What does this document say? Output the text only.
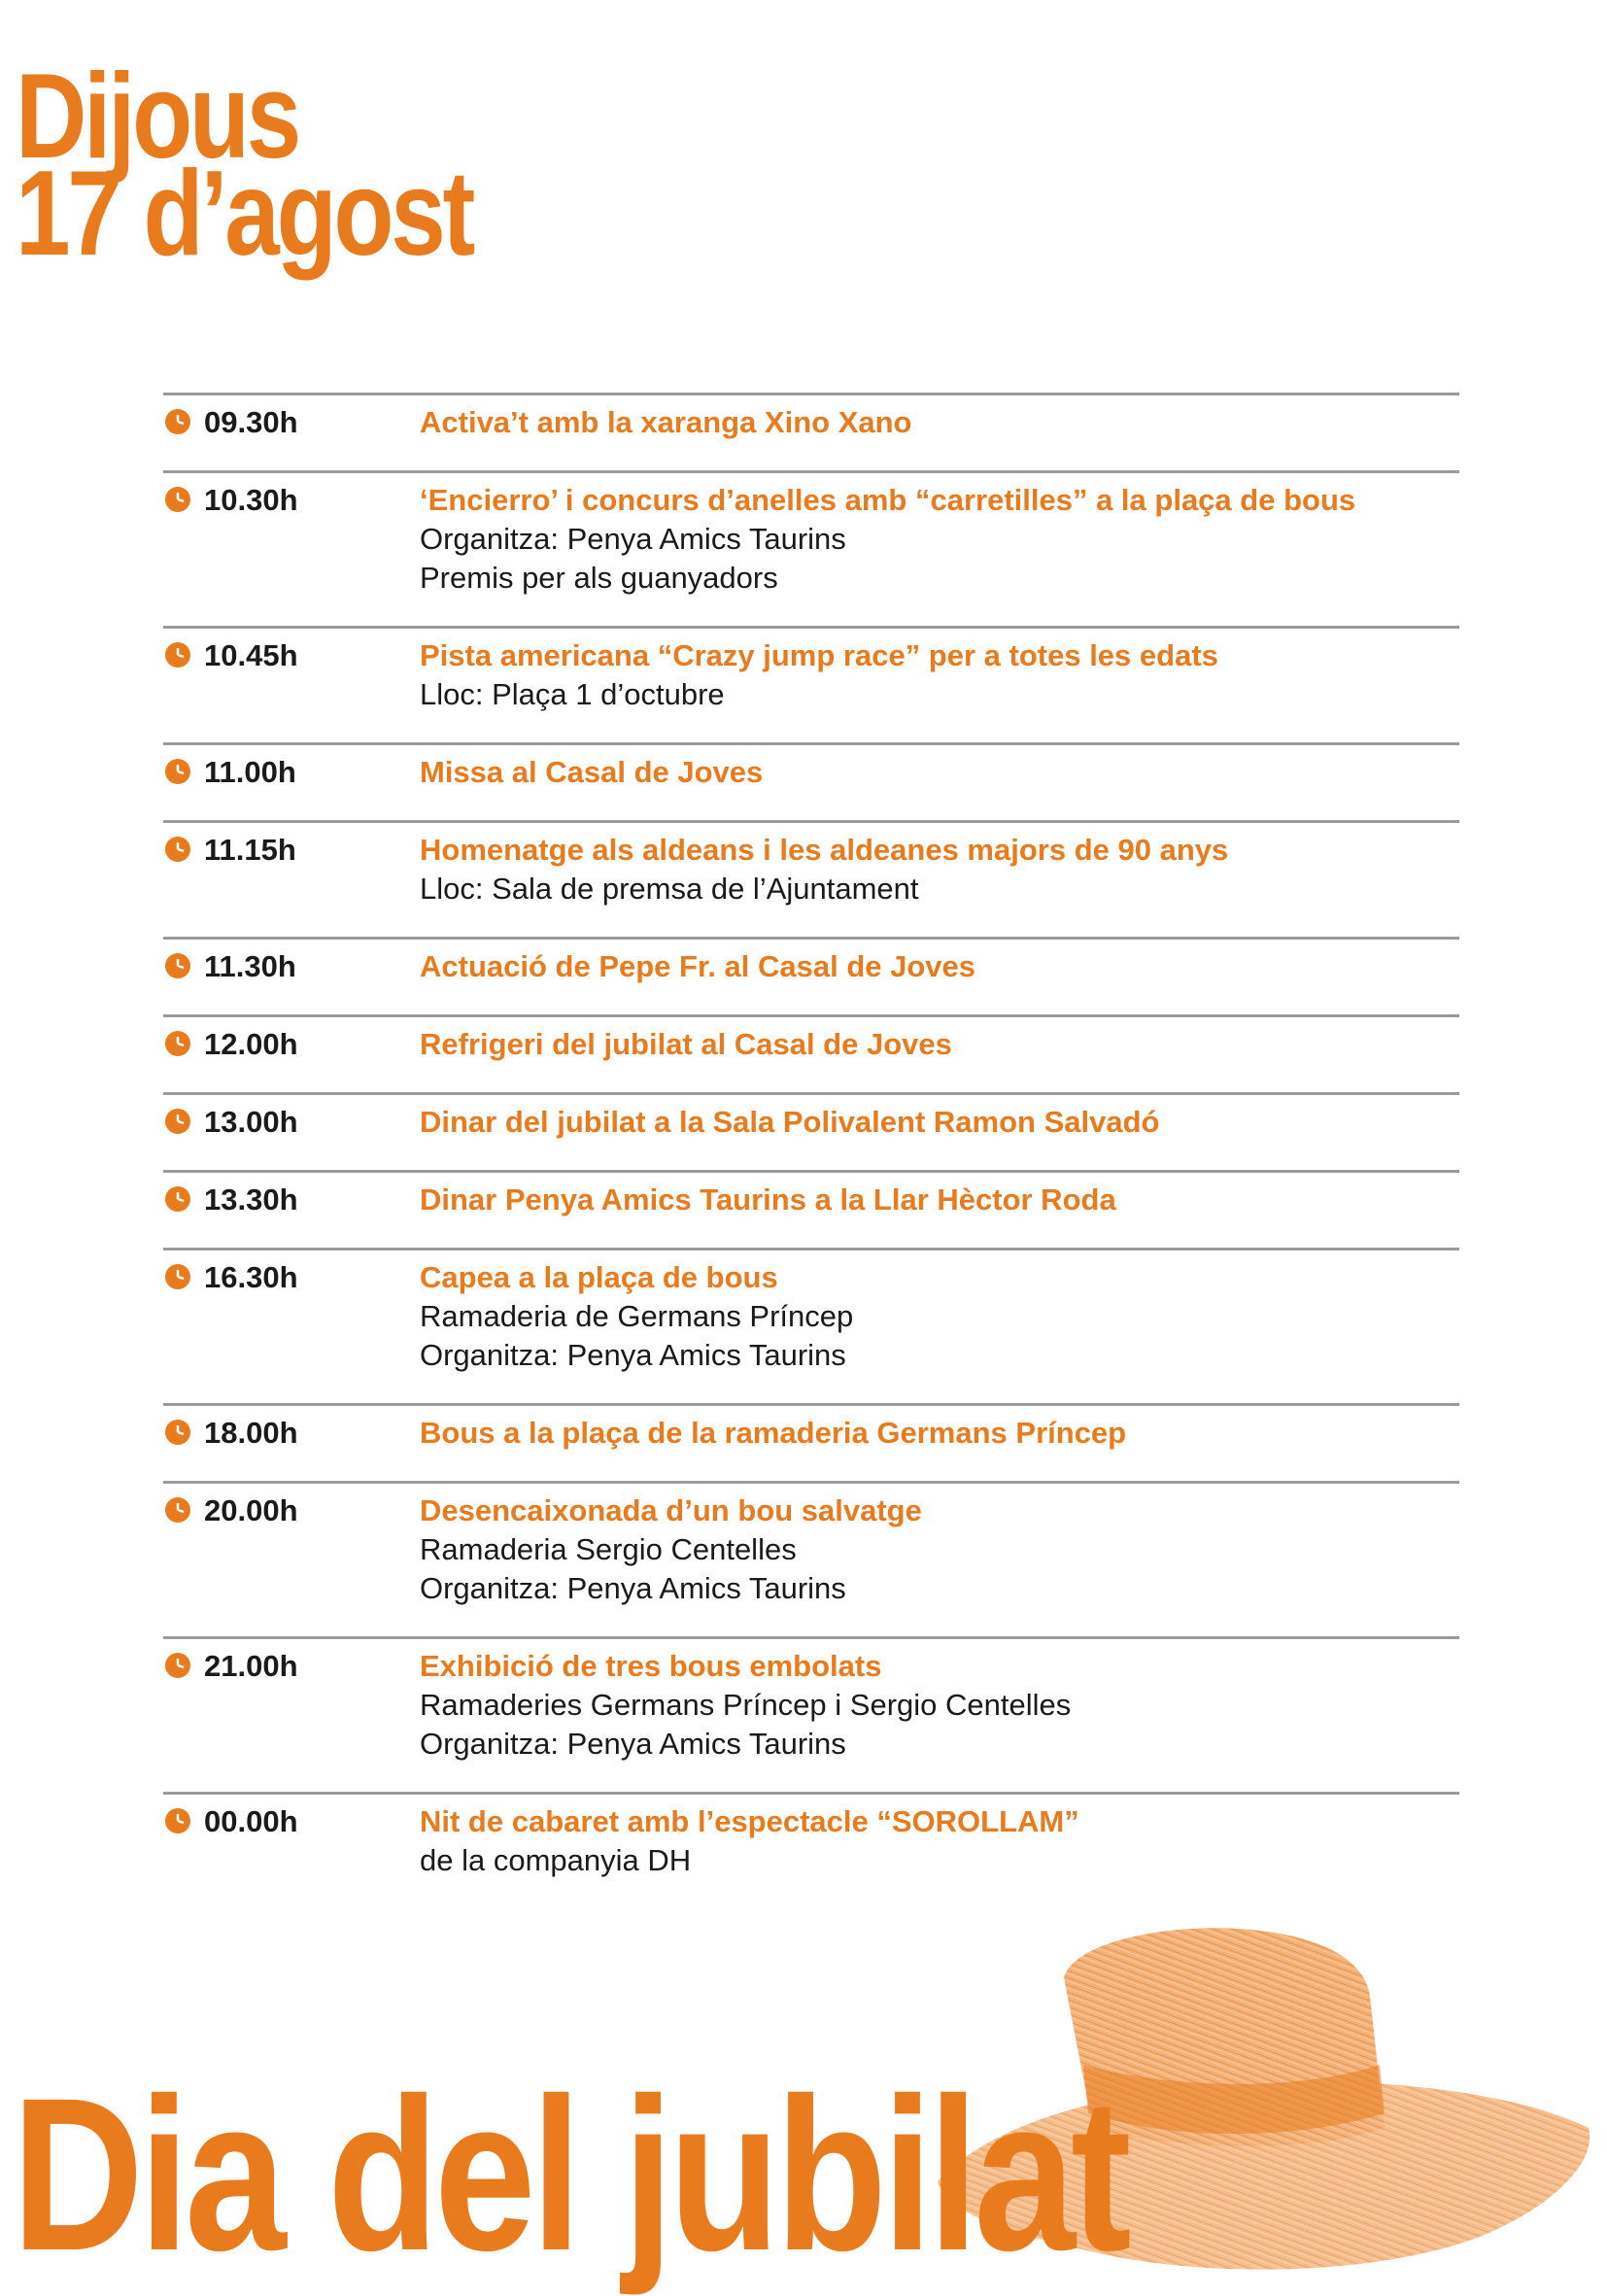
Dijous
17 d’agost
09.30h	Activa’t amb la xaranga Xino Xano
10.30h	‘Encierro’ i concurs d’anelles amb “carretilles” a la plaça de bous
Organitza: Penya Amics Taurins
Premis per als guanyadors
10.45h	Pista americana “Crazy jump race” per a totes les edats
Lloc: Plaça 1 d’octubre
11.00h	Missa al Casal de Joves
11.15h	Homenatge als aldeans i les aldeanes majors de 90 anys
Lloc: Sala de premsa de l’Ajuntament
11.30h	Actuació de Pepe Fr. al Casal de Joves
12.00h	Refrigeri del jubilat al Casal de Joves
13.00h	Dinar del jubilat a la Sala Polivalent Ramon Salvadó
13.30h	Dinar Penya Amics Taurins a la Llar Hèctor Roda
16.30h	Capea a la plaça de bous
Ramaderia de Germans Príncep
Organitza: Penya Amics Taurins
18.00h	Bous a la plaça de la ramaderia Germans Príncep
20.00h	Desencaixonada d’un bou salvatge
Ramaderia Sergio Centelles
Organitza: Penya Amics Taurins
21.00h	Exhibició de tres bous embolats
Ramaderies Germans Príncep i Sergio Centelles
Organitza: Penya Amics Taurins
00.00h	Nit de cabaret amb l’espectacle “SOROLLAM”
de la companyia DH
Dia del jubilat
